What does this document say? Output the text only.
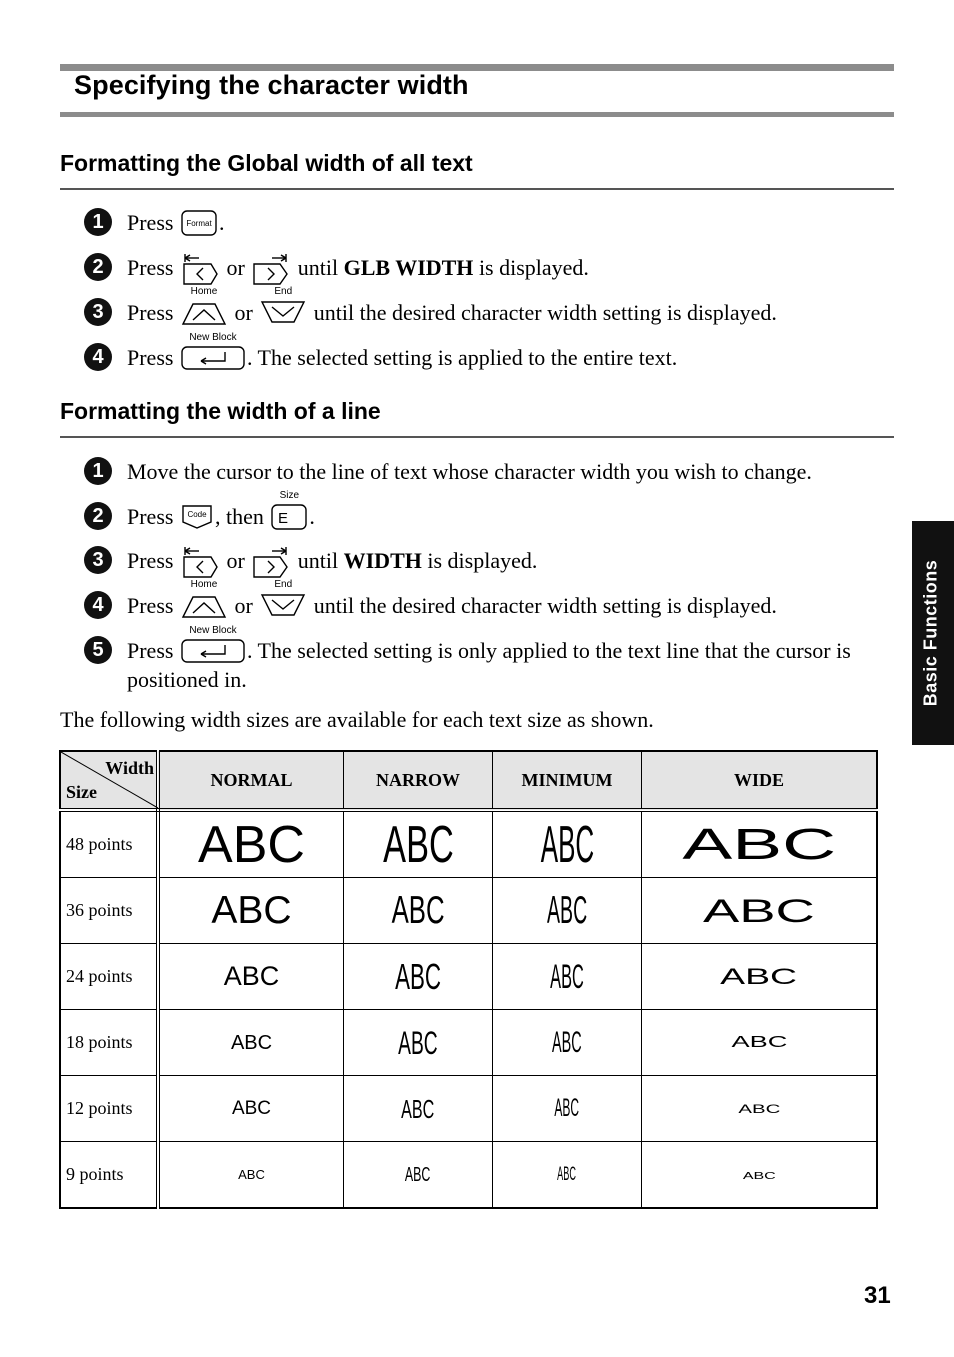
Specifying the character width
Formatting the Global width of all text
1	Press Format .
2	Press or until GLB WIDTH is displayed.
3	Press
Home
or
End
until the desired character width setting is displayed.
4	Press
New Block
. The selected setting is applied to the entire text.
Formatting the width of a line
1	Move the cursor to the line of text whose character width you wish to change.
2	Press Code , then
Size
E .
3	Press or until WIDTH is displayed.
4	Press
Home
or
End
until the desired character width setting is displayed.
5	Press
New Block
. The selected setting is only applied to the text line that the cursor is
positioned in.
The following width sizes are available for each text size as shown.
Width
Size	NORMAL	NARROW	MINIMUM	WIDE
48 points	ABC	ABC	ABC	ABC
36 points	ABC	ABC	ABC	ABC
24 points	ABC	ABC	ABC	ABC
18 points	ABC	ABC	ABC	ABC
12 points	ABC	ABC	ABC	ABC
9 points	ABC	ABC	ABC	ABC
Basic Functions
31
